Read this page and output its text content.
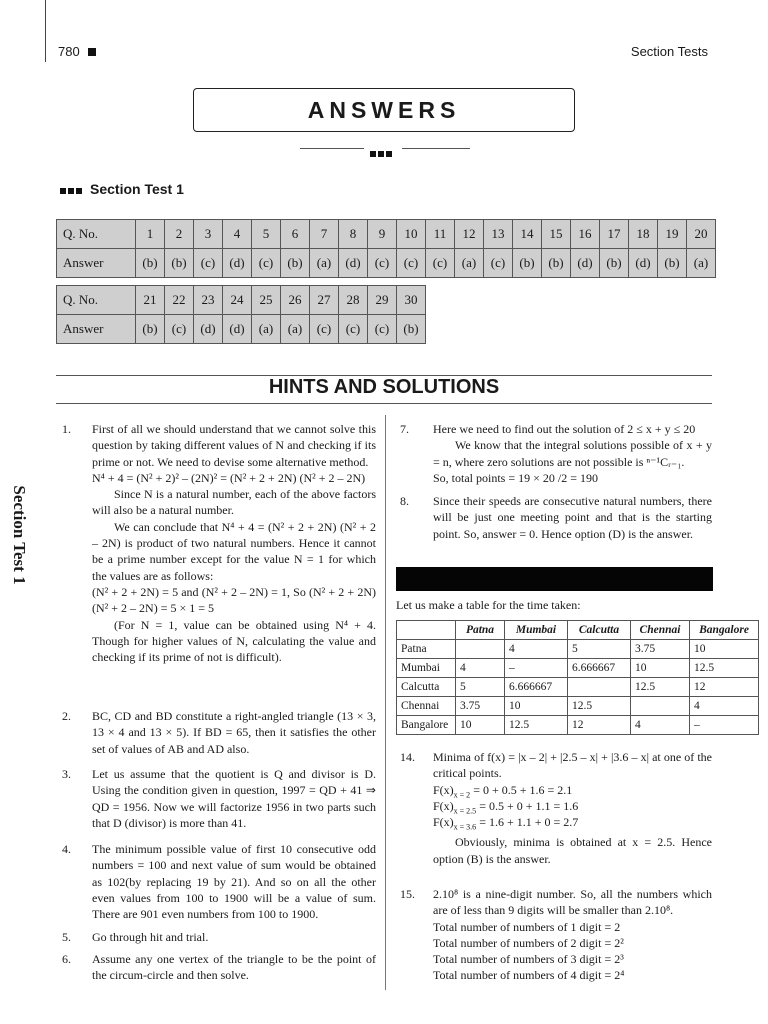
780	Section Tests
ANSWERS
Section Test 1
Q. No.	1	2	3	4	5	6	7	8	9	10	11	12	13	14	15	16	17	18	19	20
Answer	(b)	(b)	(c)	(d)	(c)	(b)	(a)	(d)	(c)	(c)	(c)	(a)	(c)	(b)	(b)	(d)	(b)	(d)	(b)	(a)
Q. No.	21	22	23	24	25	26	27	28	29	30
Answer	(b)	(c)	(d)	(d)	(a)	(a)	(c)	(c)	(c)	(b)
HINTS AND SOLUTIONS
Section Test 1
1. First of all we should understand that we cannot solve this question by taking different values of N and checking if its prime or not. We need to devise some alternative method.
N⁴ + 4 = (N² + 2)² – (2N)² = (N² + 2 + 2N) (N² + 2 – 2N)
Since N is a natural number, each of the above factors will also be a natural number.
We can conclude that N⁴ + 4 = (N² + 2 + 2N) (N² + 2 – 2N) is product of two natural numbers. Hence it cannot be a prime number except for the value N = 1 for which the values are as follows:
(N² + 2 + 2N) = 5 and (N² + 2 – 2N) = 1, So (N² + 2 + 2N) (N² + 2 – 2N) = 5 × 1 = 5
(For N = 1, value can be obtained using N⁴ + 4. Though for higher values of N, calculating the value and checking if its prime of not is difficult).
2. BC, CD and BD constitute a right-angled triangle (13 × 3, 13 × 4 and 13 × 5). If BD = 65, then it satisfies the other set of values of AB and AD also.
3. Let us assume that the quotient is Q and divisor is D. Using the condition given in question, 1997 = QD + 41 ⇒ QD = 1956. Now we will factorize 1956 in two parts such that D (divisor) is more than 41.
4. The minimum possible value of first 10 consecutive odd numbers = 100 and next value of sum would be obtained as 102(by replacing 19 by 21). And so on all the other even values from 100 to 1900 will be a value of sum. There are 901 even numbers from 100 to 1900.
5. Go through hit and trial.
6. Assume any one vertex of the triangle to be the point of the circum-circle and then solve.
7. Here we need to find out the solution of 2 ≤ x + y ≤ 20
We know that the integral solutions possible of x + y = n, where zero solutions are not possible is ⁿ⁻¹Cᵣ₋₁.
So, total points = 19 × 20 /2 = 190
8. Since their speeds are consecutive natural numbers, there will be just one meeting point and that is the starting point. So, answer = 0. Hence option (D) is the answer.
Let us make a table for the time taken:
	Patna	Mumbai	Calcutta	Chennai	Bangalore
Patna		4	5	3.75	10
Mumbai	4	–	6.666667	10	12.5
Calcutta	5	6.666667		12.5	12
Chennai	3.75	10	12.5		4
Bangalore	10	12.5	12	4	–
14. Minima of f(x) = |x – 2| + |2.5 – x| + |3.6 – x| at one of the critical points.
$F(x)_{x = 2} = 0 + 0.5 + 1.6 = 2.1$
$F(x)_{x = 2.5} = 0.5 + 0 + 1.1 = 1.6$
$F(x)_{x = 3.6} = 1.6 + 1.1 + 0 = 2.7$
Obviously, minima is obtained at x = 2.5. Hence option (B) is the answer.
15. 2.10⁸ is a nine-digit number. So, all the numbers which are of less than 9 digits will be smaller than 2.10⁸.
Total number of numbers of 1 digit = 2
Total number of numbers of 2 digit = 2²
Total number of numbers of 3 digit = 2³
Total number of numbers of 4 digit = 2⁴
